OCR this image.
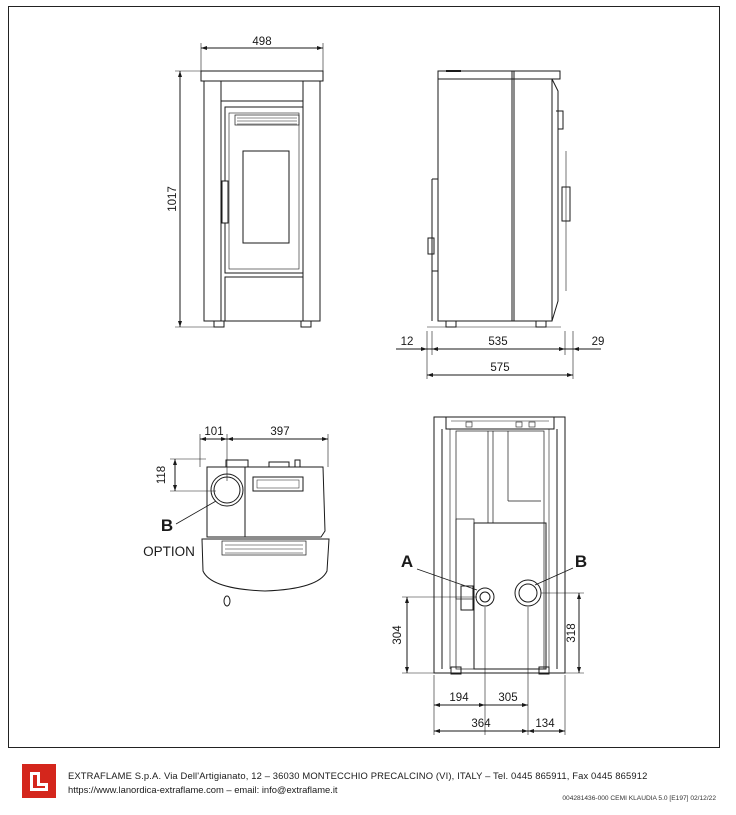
498
1017
12	535	29
575
101	397
118
B
OPTION
A	B
304	318
194	305
364	134
EXTRAFLAME S.p.A. Via Dell'Artigianato, 12 – 36030 MONTECCHIO PRECALCINO (VI), ITALY – Tel. 0445 865911, Fax 0445 865912
https://www.lanordica-extraflame.com – email: info@extraflame.it
004281436-000 CEMI KLAUDIA 5.0 [E197] 02/12/22
